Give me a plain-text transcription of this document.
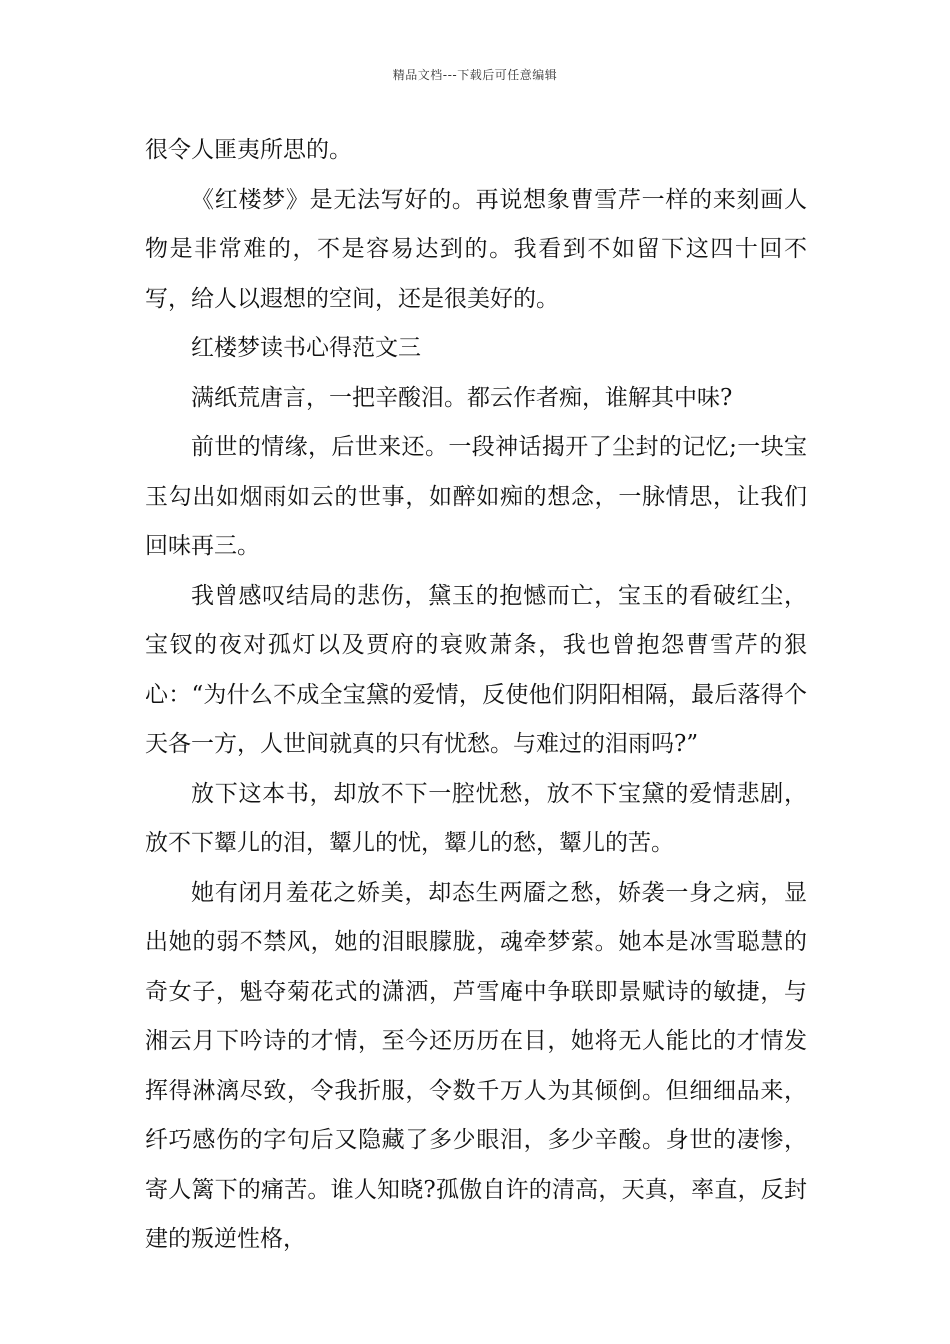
精品文档---下载后可任意编辑

很令人匪夷所思的。

《红楼梦》是无法写好的。再说想象曹雪芹一样的来刻画人物是非常难的，不是容易达到的。我看到不如留下这四十回不写，给人以遐想的空间，还是很美好的。

红楼梦读书心得范文三

满纸荒唐言，一把辛酸泪。都云作者痴，谁解其中味?

前世的情缘，后世来还。一段神话揭开了尘封的记忆;一块宝玉勾出如烟雨如云的世事，如醉如痴的想念，一脉情思，让我们回味再三。

我曾感叹结局的悲伤，黛玉的抱憾而亡，宝玉的看破红尘，宝钗的夜对孤灯以及贾府的衰败萧条，我也曾抱怨曹雪芹的狠心：“为什么不成全宝黛的爱情，反使他们阴阳相隔，最后落得个天各一方，人世间就真的只有忧愁。与难过的泪雨吗?”

放下这本书，却放不下一腔忧愁，放不下宝黛的爱情悲剧，放不下颦儿的泪，颦儿的忧，颦儿的愁，颦儿的苦。

她有闭月羞花之娇美，却态生两靥之愁，娇袭一身之病，显出她的弱不禁风，她的泪眼朦胧，魂牵梦萦。她本是冰雪聪慧的奇女子，魁夺菊花式的潇洒，芦雪庵中争联即景赋诗的敏捷，与湘云月下吟诗的才情，至今还历历在目，她将无人能比的才情发挥得淋漓尽致，令我折服，令数千万人为其倾倒。但细细品来，纤巧感伤的字句后又隐藏了多少眼泪，多少辛酸。身世的凄惨，寄人篱下的痛苦。谁人知晓?孤傲自许的清高，天真，率直，反封建的叛逆性格，
